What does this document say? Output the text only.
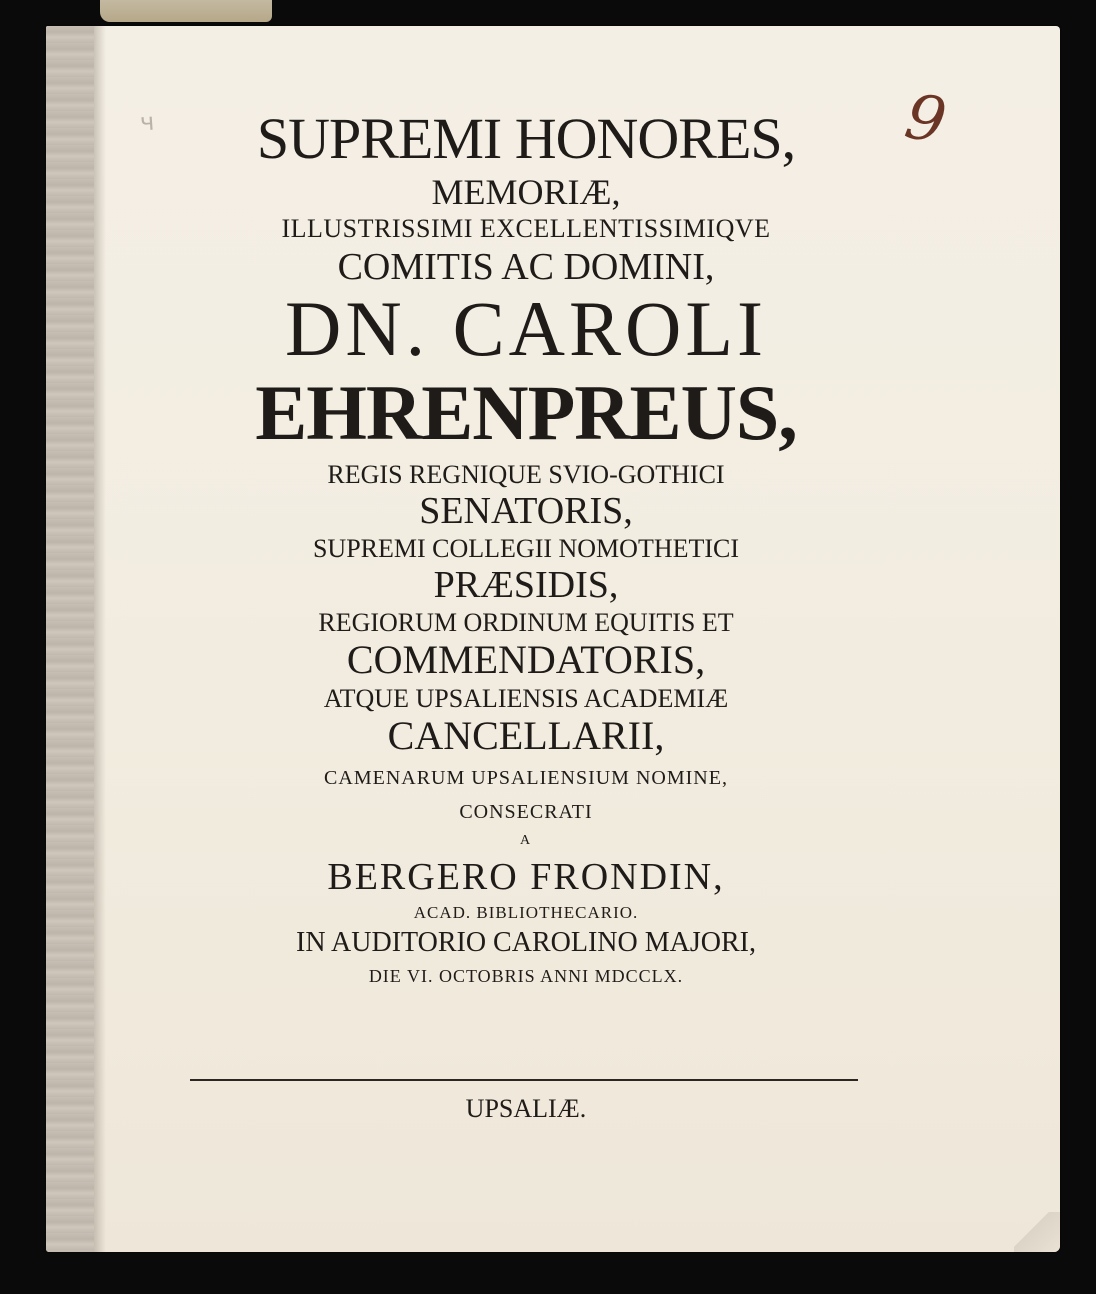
ч	9

SUPREMI HONORES,
MEMORIÆ,
ILLUSTRISSIMI EXCELLENTISSIMIQVE
COMITIS AC DOMINI,
DN. CAROLI
EHRENPREUS,
REGIS REGNIQUE SVIO-GOTHICI
SENATORIS,
SUPREMI COLLEGII NOMOTHETICI
PRÆSIDIS,
REGIORUM ORDINUM EQUITIS ET
COMMENDATORIS,
ATQUE UPSALIENSIS ACADEMIÆ
CANCELLARII,
CAMENARUM UPSALIENSIUM NOMINE,
CONSECRATI
A
BERGERO FRONDIN,
ACAD. BIBLIOTHECARIO.
IN AUDITORIO CAROLINO MAJORI,
DIE VI. OCTOBRIS ANNI MDCCLX.

UPSALIÆ.
